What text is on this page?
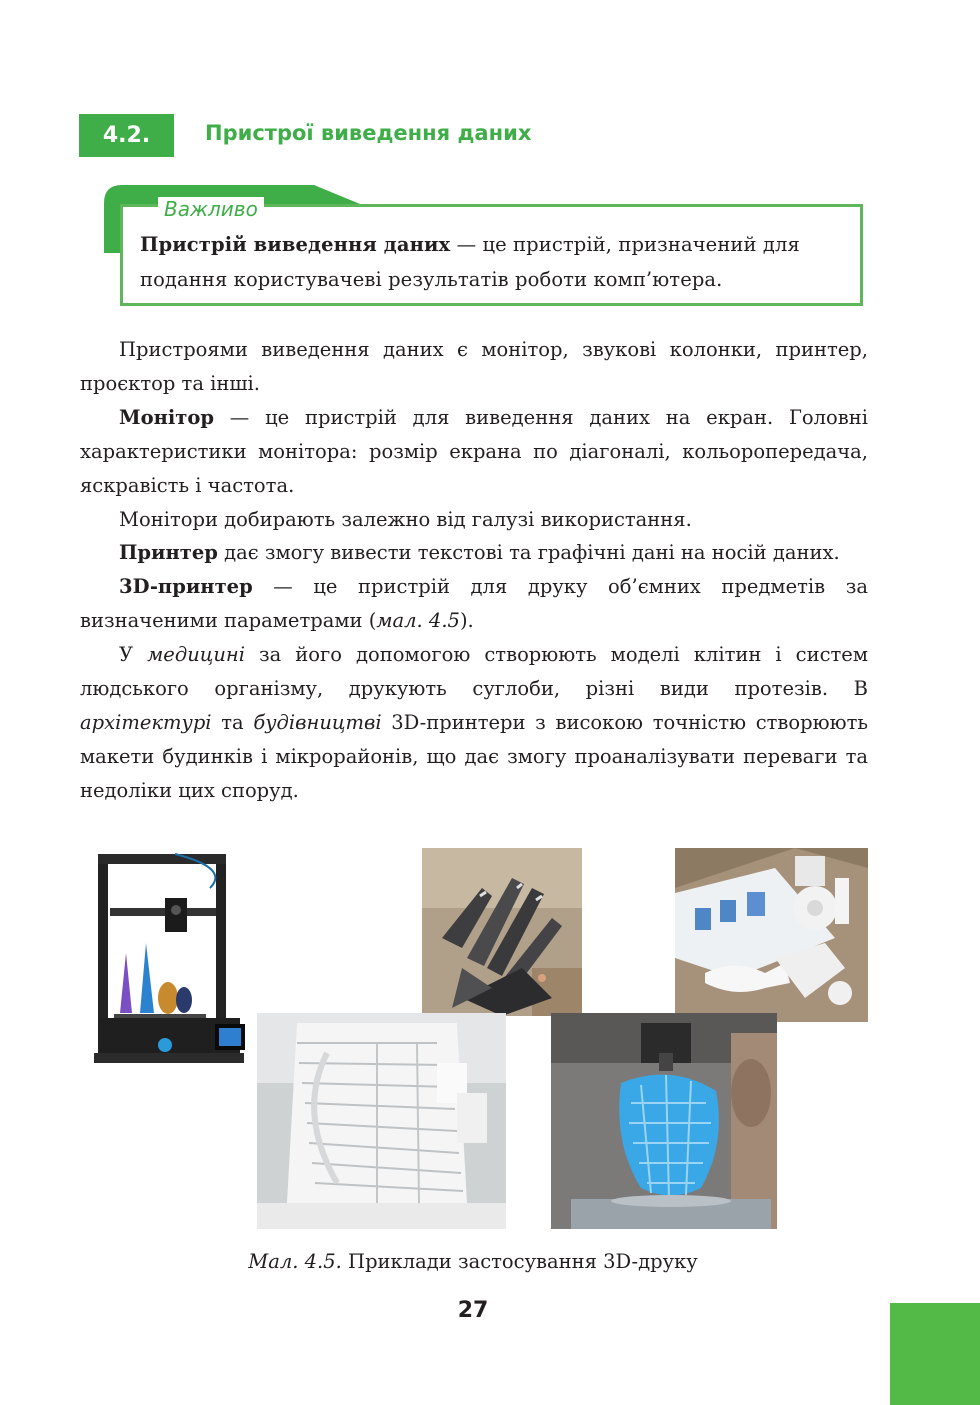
4.2.	Пристрої виведення даних
Важливо
Пристрій виведення даних — це пристрій, призначений для подання користувачеві результатів роботи комп’ютера.

Пристроями виведення даних є монітор, звукові колонки, принтер, проєктор та інші.

Монітор — це пристрій для виведення даних на екран. Головні характеристики монітора: розмір екрана по діагоналі, кольоропередача, яскравість і частота.

Монітори добирають залежно від галузі використання.

Принтер дає змогу вивести текстові та графічні дані на носій даних.

3D-принтер — це пристрій для друку об’ємних предметів за визначеними параметрами (мал. 4.5).

У медицині за його допомогою створюють моделі клітин і систем людського організму, друкують суглоби, різні види протезів. В архітектурі та будівництві 3D-принтери з високою точністю створюють макети будинків і мікрорайонів, що дає змогу проаналізувати переваги та недоліки цих споруд.

Мал. 4.5. Приклади застосування 3D-друку
27
